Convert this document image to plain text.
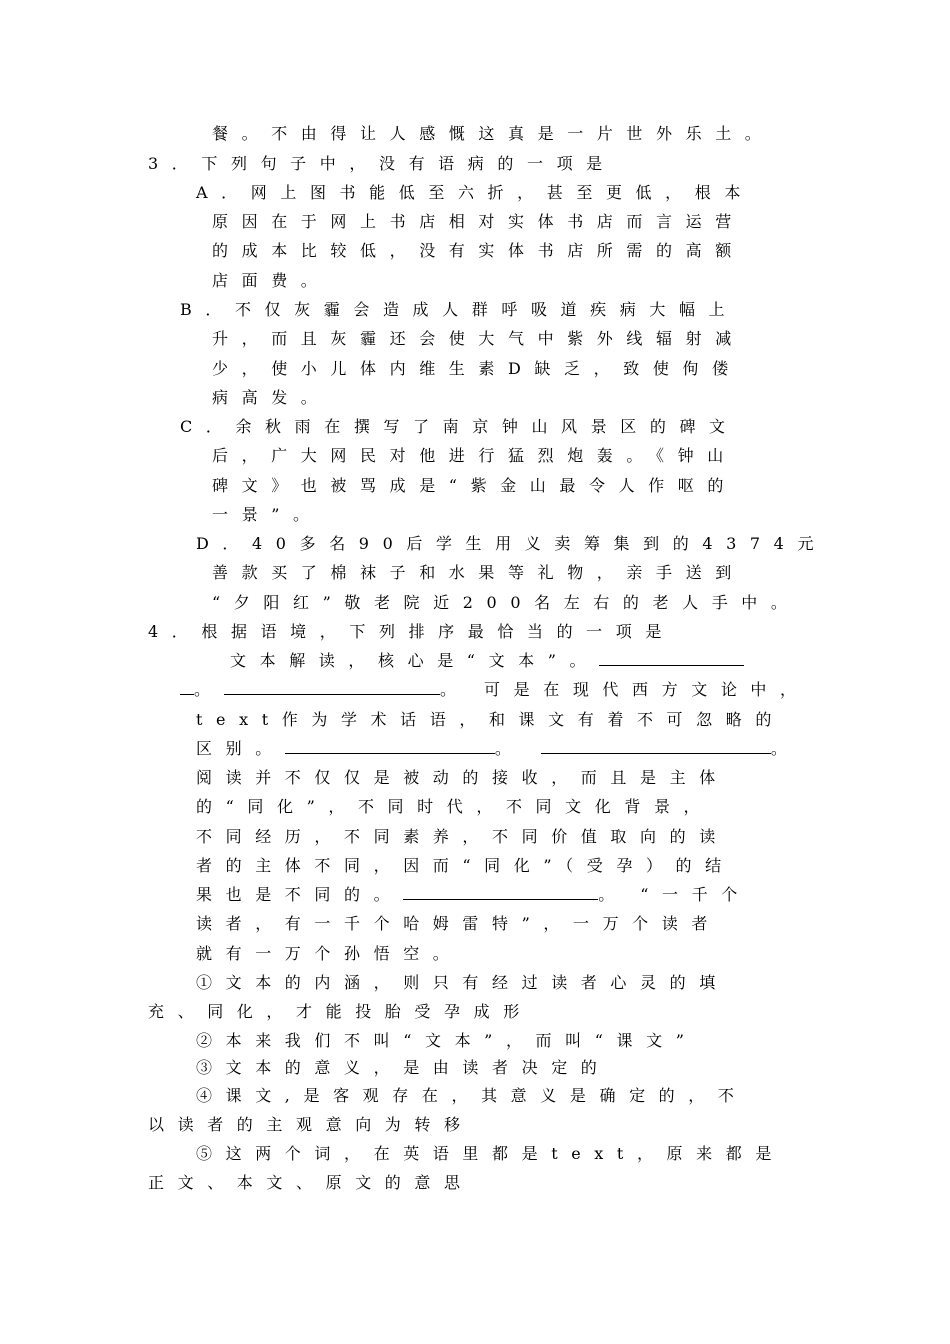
餐。不由得让人感慨这真是一片世外乐土。
3．下列句子中，没有语病的一项是
A．网上图书能低至六折，甚至更低，根本
原因在于网上书店相对实体书店而言运营
的成本比较低，没有实体书店所需的高额
店面费。
B．不仅灰霾会造成人群呼吸道疾病大幅上
升，而且灰霾还会使大气中紫外线辐射减
少，使小儿体内维生素D缺乏，致使佝偻
病高发。
C．余秋雨在撰写了南京钟山风景区的碑文
后，广大网民对他进行猛烈炮轰。《钟山
碑文》也被骂成是“紫金山最令人作呕的
一景”。
D．40多名90后学生用义卖筹集到的4374元
善款买了棉袜子和水果等礼物，亲手送到
“夕阳红”敬老院近200名左右的老人手中。
4．根据语境，下列排序最恰当的一项是
文本解读，核心是“文本”。
。	。 可是在现代西方文论中，
text作为学术话语，和课文有着不可忽略的
区别。	。	。
阅读并不仅仅是被动的接收，而且是主体
的“同化”，不同时代，不同文化背景，
不同经历，不同素养，不同价值取向的读
者的主体不同，因而“同化”（受孕）的结
果也是不同的。	。 “一千个
读者，有一千个哈姆雷特”，一万个读者
就有一万个孙悟空。
①文本的内涵，则只有经过读者心灵的填
充、同化，才能投胎受孕成形
②本来我们不叫“文本”，而叫“课文”
③文本的意义，是由读者决定的
④课文,是客观存在，其意义是确定的，不
以读者的主观意向为转移
⑤这两个词，在英语里都是text，原来都是
正文、本文、原文的意思
